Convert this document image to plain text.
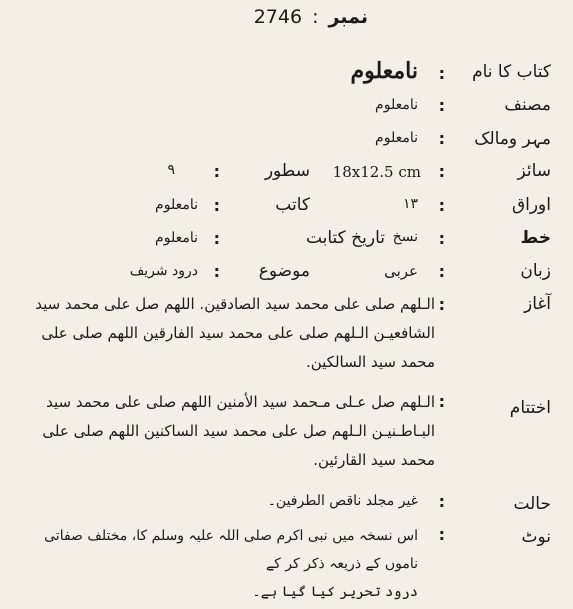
نمبر : 2746
کتاب کا نام
:
نامعلوم
مصنف
:
نامعلوم
مہر ومالک
:
نامعلوم
سائز
:
18x12.5 cm
سطور
:
۹
اوراق
:
۱۳
کاتب
:
نامعلوم
خط
:
نسخ
تاریخ کتابت
:
نامعلوم
زبان
:
عربی
موضوع
:
درود شریف
آغاز
:
الـلهم صلى على محمد سيد الصادقين. اللهم صل على محمد سيد
الشافعيـن الـلهم صلى على محمد سيد الفارقين اللهم صلى على
محمد سيد السالكين.
اختتام
:
الـلهم صل عـلى مـحمد سيد الأمنين اللهم صلى على محمد سيد
البـاطـنيـن الـلهم صل على محمد سيد الساكنين اللهم صلى على
محمد سيد القارئين.
حالت
:
غیر مجلد ناقص الطرفین۔
نوٹ
:
اس نسخہ میں نبی اکرم صلی اللہ علیہ وسلم کا، مختلف صفاتی ناموں کے ذریعہ ذکر کر کے
درود تحریر کیا گیا ہے۔
